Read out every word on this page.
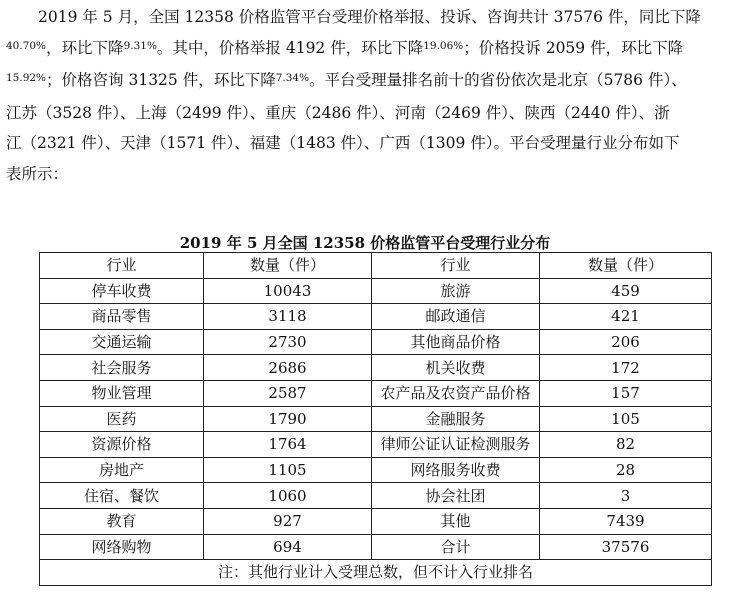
2019 年 5 月，全国 12358 价格监管平台受理价格举报、投诉、咨询共计 37576 件，同比下降
$^{40.70\%}$，环比下降$^{9.31\%}$。其中，价格举报 4192 件，环比下降$^{19.06\%}$；价格投诉 2059 件，环比下降
$^{15.92\%}$；价格咨询 31325 件，环比下降$^{7.34\%}$。平台受理量排名前十的省份依次是北京（5786 件）、
江苏（3528 件）、上海（2499 件）、重庆（2486 件）、河南（2469 件）、陕西（2440 件）、浙
江（2321 件）、天津（1571 件）、福建（1483 件）、广西（1309 件）。平台受理量行业分布如下
表所示：
2019 年 5 月全国 12358 价格监管平台受理行业分布
行业	数量（件）	行业	数量（件）
停车收费	10043	旅游	459
商品零售	3118	邮政通信	421
交通运输	2730	其他商品价格	206
社会服务	2686	机关收费	172
物业管理	2587	农产品及农资产品价格	157
医药	1790	金融服务	105
资源价格	1764	律师公证认证检测服务	82
房地产	1105	网络服务收费	28
住宿、餐饮	1060	协会社团	3
教育	927	其他	7439
网络购物	694	合计	37576
注：其他行业计入受理总数，但不计入行业排名			
